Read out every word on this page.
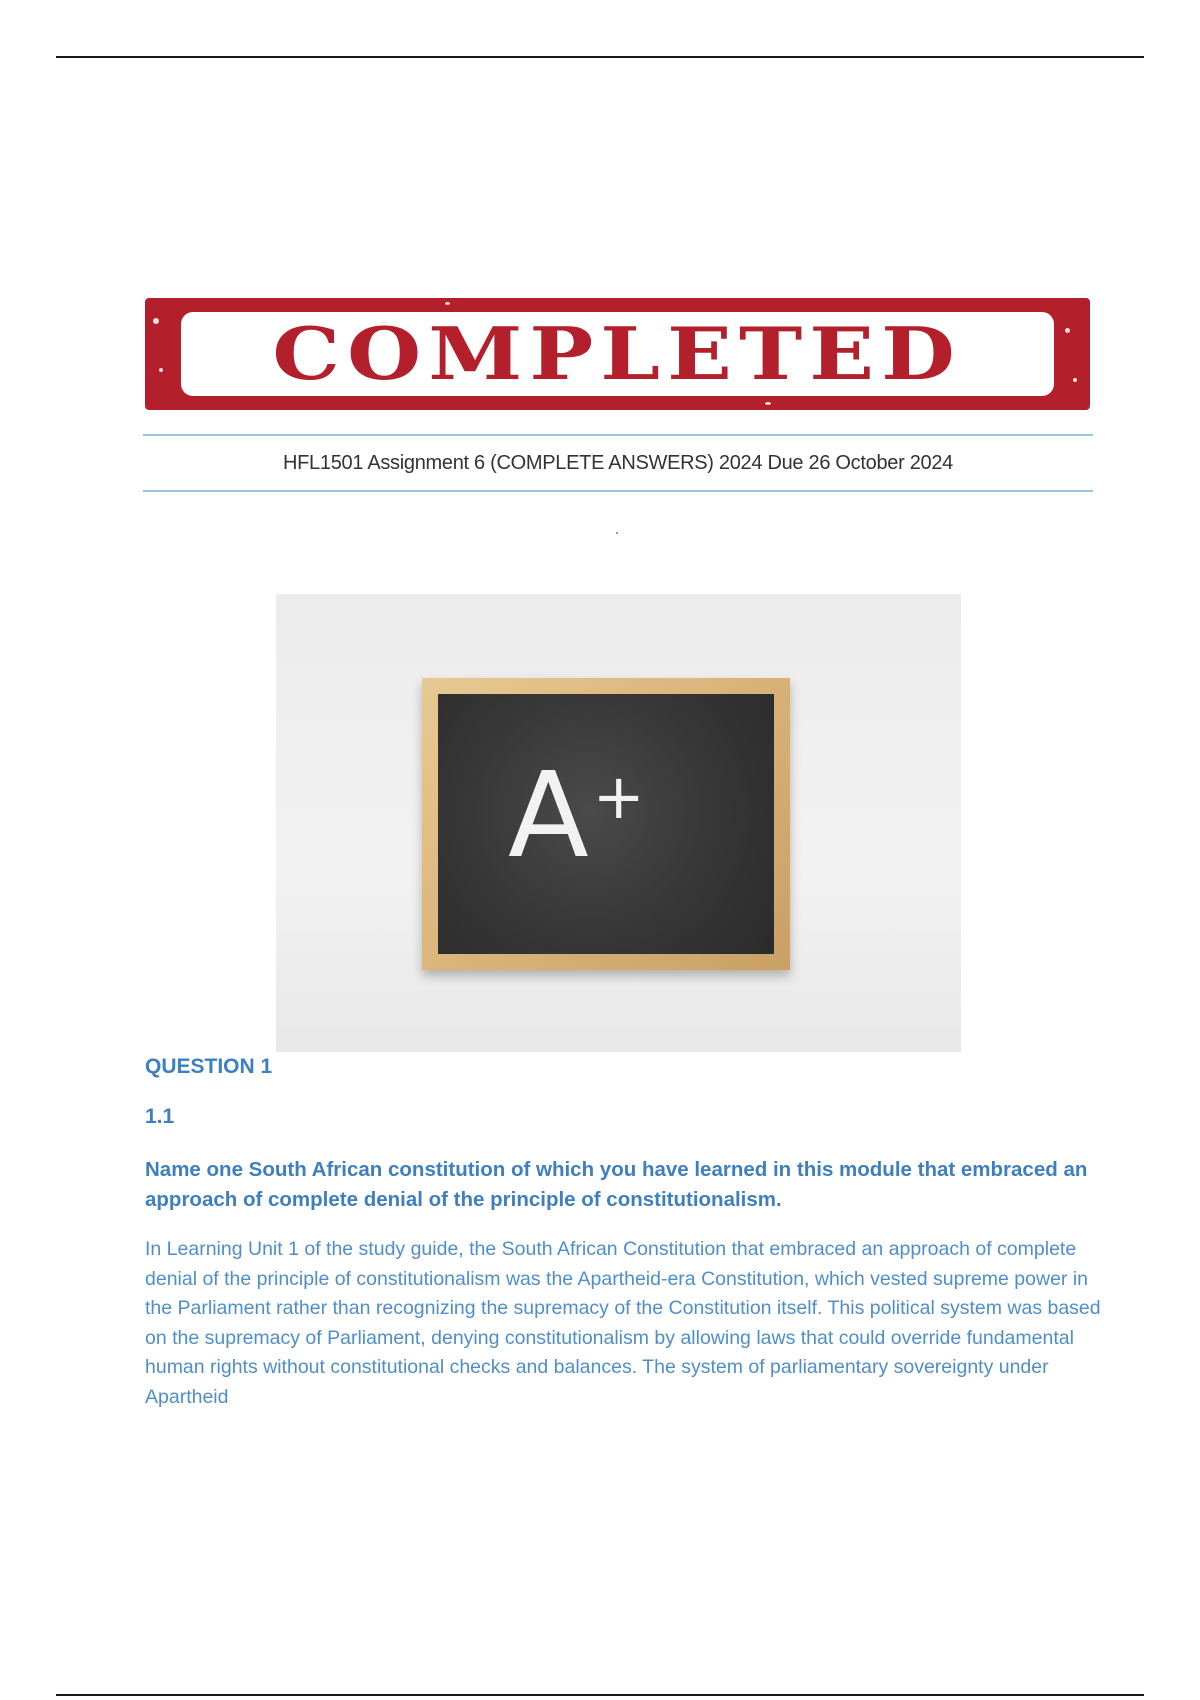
COMPLETED
HFL1501 Assignment 6 (COMPLETE ANSWERS) 2024 Due 26 October 2024
A+
QUESTION 1
1.1
Name one South African constitution of which you have learned in this module that embraced an approach of complete denial of the principle of constitutionalism.
In Learning Unit 1 of the study guide, the South African Constitution that embraced an approach of complete denial of the principle of constitutionalism was the Apartheid-era Constitution, which vested supreme power in the Parliament rather than recognizing the supremacy of the Constitution itself. This political system was based on the supremacy of Parliament, denying constitutionalism by allowing laws that could override fundamental human rights without constitutional checks and balances. The system of parliamentary sovereignty under Apartheid
